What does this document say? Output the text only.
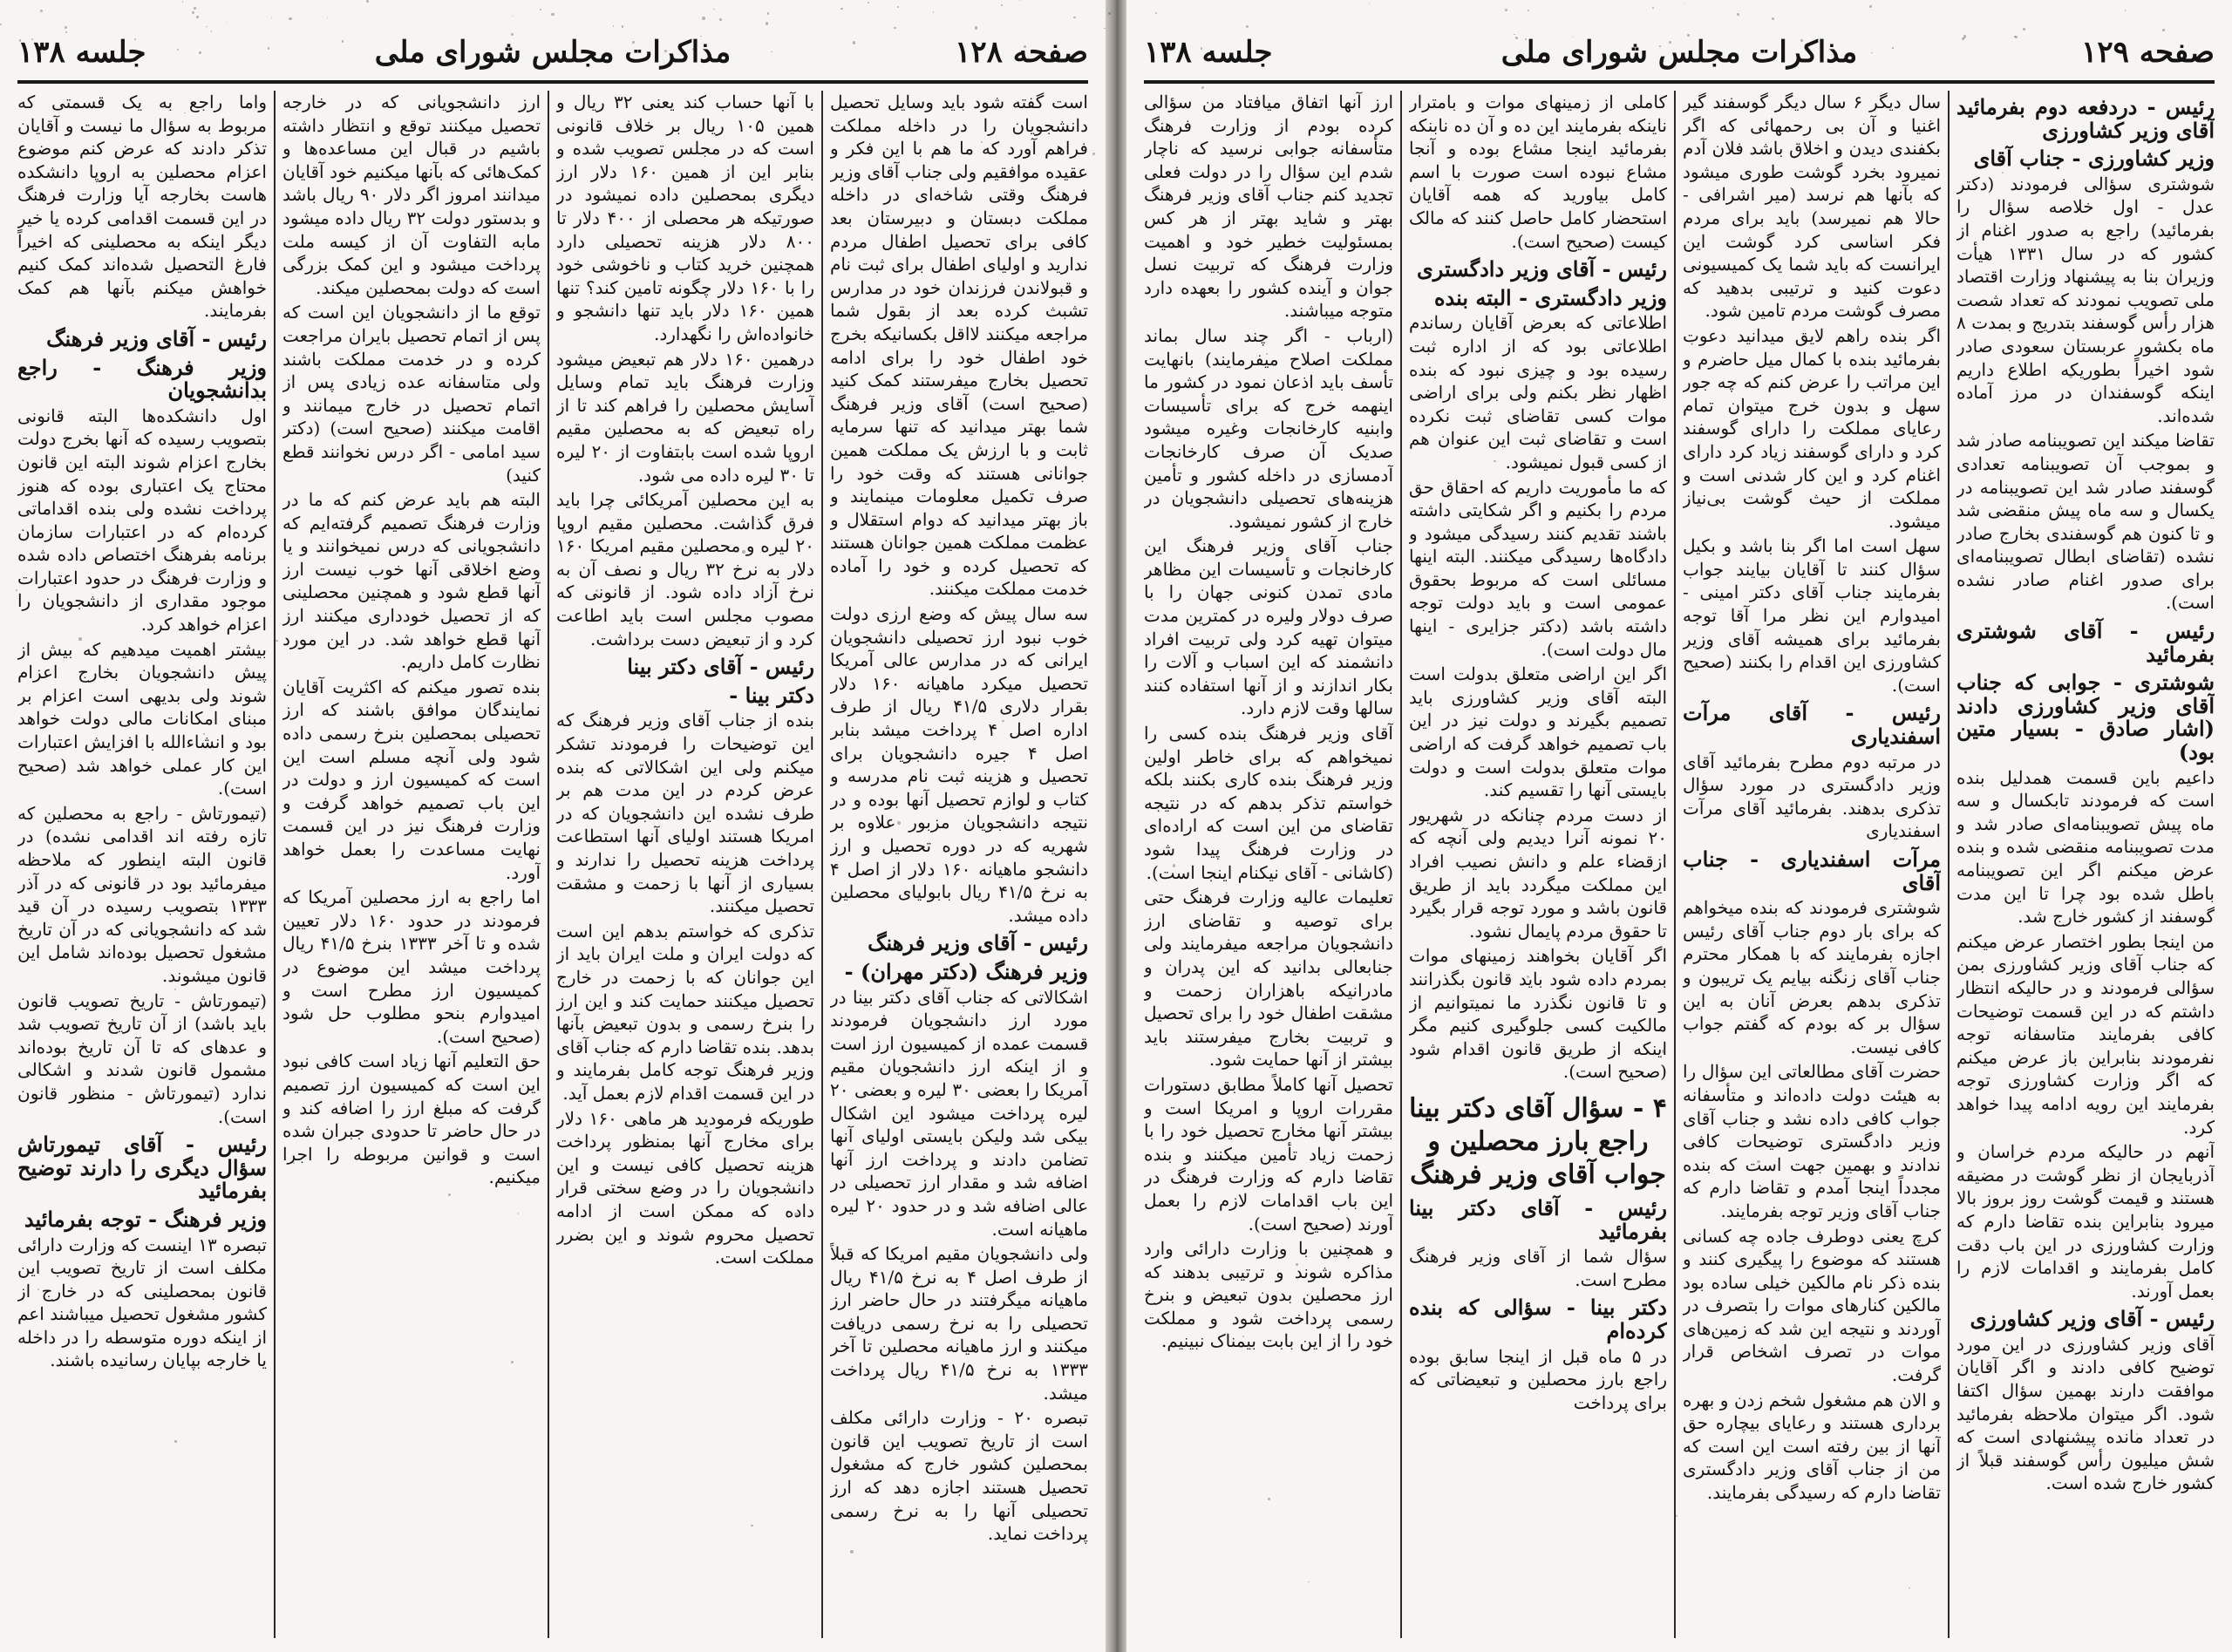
صفحه ۱۲۸
مذاکرات مجلس شورای ملی
جلسه ۱۳۸

است گفته شود باید وسایل تحصیل دانشجویان را در داخله مملکت فراهم آورد که ما هم با این فکر و عقیده موافقیم ولی جناب آقای وزیر فرهنگ وقتی شاخه‌ای در داخله مملکت دبستان و دبیرستان بعد کافی برای تحصیل اطفال مردم ندارید و اولیای اطفال برای ثبت نام و قبولاندن فرزندان خود در مدارس تشبث کرده بعد از بقول شما مراجعه میکنند لااقل بکسانیکه بخرج خود اطفال خود را برای ادامه تحصیل بخارج میفرستند کمک کنید (صحیح است) آقای وزیر فرهنگ شما بهتر میدانید که تنها سرمایه ثابت و با ارزش یک مملکت همین جوانانی هستند که وقت خود را صرف تکمیل معلومات مینمایند و باز بهتر میدانید که دوام استقلال و عظمت مملکت همین جوانان هستند که تحصیل کرده و خود را آماده خدمت مملکت میکنند.

سه سال پیش که وضع ارزی دولت خوب نبود ارز تحصیلی دانشجویان ایرانی که در مدارس عالی آمریکا تحصیل میکرد ماهیانه ۱۶۰ دلار بقرار دلاری ۴۱/۵ ریال از طرف اداره اصل ۴ پرداخت میشد بنابر اصل ۴ جیره دانشجویان برای تحصیل و هزینه ثبت نام مدرسه و کتاب و لوازم تحصیل آنها بوده و در نتیجه دانشجویان مزبور علاوه بر شهریه که در دوره تحصیل و ارز دانشجو ماهیانه ۱۶۰ دلار از اصل ۴ به نرخ ۴۱/۵ ریال بابولیای محصلین داده میشد.

رئیس - آقای وزیر فرهنگ

وزیر فرهنگ (دکتر مهران) -

اشکالاتی که جناب آقای دکتر بینا در مورد ارز دانشجویان فرمودند قسمت عمده از کمیسیون ارز است و از اینکه ارز دانشجویان مقیم آمریکا را بعضی ۳۰ لیره و بعضی ۲۰ لیره پرداخت میشود این اشکال بیکی شد ولیکن بایستی اولیای آنها تضامن دادند و پرداخت ارز آنها اضافه شد و مقدار ارز تحصیلی در عالی اضافه شد و در حدود ۲۰ لیره ماهیانه است.

ولی دانشجویان مقیم امریکا که قبلاً از طرف اصل ۴ به نرخ ۴۱/۵ ریال ماهیانه میگرفتند در حال حاضر ارز تحصیلی را به نرخ رسمی دریافت میکنند و ارز ماهیانه محصلین تا آخر ۱۳۳۳ به نرخ ۴۱/۵ ریال پرداخت میشد.

تبصره ۲۰ - وزارت دارائی مکلف است از تاریخ تصویب این قانون بمحصلین کشور خارج که مشغول تحصیل هستند اجازه دهد که ارز تحصیلی آنها را به نرخ رسمی پرداخت نماید.

با آنها حساب کند یعنی ۳۲ ریال و همین ۱۰۵ ریال بر خلاف قانونی است که در مجلس تصویب شده و بنابر این از همین ۱۶۰ دلار ارز دیگری بمحصلین داده نمیشود در صورتیکه هر محصلی از ۴۰۰ دلار تا ۸۰۰ دلار هزینه تحصیلی دارد همچنین خرید کتاب و ناخوشی خود را با ۱۶۰ دلار چگونه تامین کند؟ تنها همین ۱۶۰ دلار باید تنها دانشجو و خانواده‌اش را نگهدارد.

درهمین ۱۶۰ دلار هم تبعیض میشود وزارت فرهنگ باید تمام وسایل آسایش محصلین را فراهم کند تا از راه تبعیض که به محصلین مقیم اروپا شده است بابتفاوت از ۲۰ لیره تا ۳۰ لیره داده می شود.

به این محصلین آمریکائی چرا باید فرق گذاشت. محصلین مقیم اروپا ۲۰ لیره و محصلین مقیم امریکا ۱۶۰ دلار به نرخ ۳۲ ریال و نصف آن به نرخ آزاد داده شود. از قانونی که مصوب مجلس است باید اطاعت کرد و از تبعیض دست برداشت.

رئیس - آقای دکتر بینا

دکتر بینا -

بنده از جناب آقای وزیر فرهنگ که این توضیحات را فرمودند تشکر میکنم ولی این اشکالاتی که بنده عرض کردم در این مدت هم بر طرف نشده این دانشجویان که در امریکا هستند اولیای آنها استطاعت پرداخت هزینه تحصیل را ندارند و بسیاری از آنها با زحمت و مشقت تحصیل میکنند.

تذکری که خواستم بدهم این است که دولت ایران و ملت ایران باید از این جوانان که با زحمت در خارج تحصیل میکنند حمایت کند و این ارز را بنرخ رسمی و بدون تبعیض بآنها بدهد. بنده تقاضا دارم که جناب آقای وزیر فرهنگ توجه کامل بفرمایند و در این قسمت اقدام لازم بعمل آید.

طوریکه فرمودید هر ماهی ۱۶۰ دلار برای مخارج آنها بمنظور پرداخت هزینه تحصیل کافی نیست و این دانشجویان را در وضع سختی قرار داده که ممکن است از ادامه تحصیل محروم شوند و این بضرر مملکت است.

ارز دانشجویانی که در خارجه تحصیل میکنند توقع و انتظار داشته باشیم در قبال این مساعده‌ها و کمک‌هائی که بآنها میکنیم خود آقایان میدانند امروز اگر دلار ۹۰ ریال باشد و بدستور دولت ۳۲ ریال داده میشود مابه التفاوت آن از کیسه ملت پرداخت میشود و این کمک بزرگی است که دولت بمحصلین میکند.

توقع ما از دانشجویان این است که پس از اتمام تحصیل بایران مراجعت کرده و در خدمت مملکت باشند ولی متاسفانه عده زیادی پس از اتمام تحصیل در خارج میمانند و اقامت میکنند (صحیح است) (دکتر سید امامی - اگر درس نخوانند قطع کنید)

البته هم باید عرض کنم که ما در وزارت فرهنگ تصمیم گرفته‌ایم که دانشجویانی که درس نمیخوانند و یا وضع اخلاقی آنها خوب نیست ارز آنها قطع شود و همچنین محصلینی که از تحصیل خودداری میکنند ارز آنها قطع خواهد شد. در این مورد نظارت کامل داریم.

بنده تصور میکنم که اکثریت آقایان نمایندگان موافق باشند که ارز تحصیلی بمحصلین بنرخ رسمی داده شود ولی آنچه مسلم است این است که کمیسیون ارز و دولت در این باب تصمیم خواهد گرفت و وزارت فرهنگ نیز در این قسمت نهایت مساعدت را بعمل خواهد آورد.

اما راجع به ارز محصلین آمریکا که فرمودند در حدود ۱۶۰ دلار تعیین شده و تا آخر ۱۳۳۳ بنرخ ۴۱/۵ ریال پرداخت میشد این موضوع در کمیسیون ارز مطرح است و امیدوارم بنحو مطلوب حل شود (صحیح است).

حق التعلیم آنها زیاد است کافی نبود این است که کمیسیون ارز تصمیم گرفت که مبلغ ارز را اضافه کند و در حال حاضر تا حدودی جبران شده است و قوانین مربوطه را اجرا میکنیم.

واما راجع به یک قسمتی که مربوط به سؤال ما نیست و آقایان تذکر دادند که عرض کنم موضوع اعزام محصلین به اروپا دانشکده هاست بخارجه آیا وزارت فرهنگ در این قسمت اقدامی کرده یا خیر دیگر اینکه به محصلینی که اخیراً فارغ التحصیل شده‌اند کمک کنیم خواهش میکنم بآنها هم کمک بفرمایند.

رئیس - آقای وزیر فرهنگ

وزیر فرهنگ - راجع بدانشجویان

اول دانشکده‌ها البته قانونی بتصویب رسیده که آنها بخرج دولت بخارج اعزام شوند البته این قانون محتاج یک اعتباری بوده که هنوز پرداخت نشده ولی بنده اقداماتی کرده‌ام که در اعتبارات سازمان برنامه بفرهنگ اختصاص داده شده و وزارت فرهنگ در حدود اعتبارات موجود مقداری از دانشجویان را اعزام خواهد کرد.

بیشتر اهمیت میدهیم که بیش از پیش دانشجویان بخارج اعزام شوند ولی بدیهی است اعزام بر مبنای امکانات مالی دولت خواهد بود و انشاءالله با افزایش اعتبارات این کار عملی خواهد شد (صحیح است).

(تیمورتاش - راجع به محصلین که تازه رفته اند اقدامی نشده) در قانون البته اینطور که ملاحظه میفرمائید بود در قانونی که در آذر ۱۳۳۳ بتصویب رسیده در آن قید شد که دانشجویانی که در آن تاریخ مشغول تحصیل بوده‌اند شامل این قانون میشوند.

(تیمورتاش - تاریخ تصویب قانون باید باشد) از آن تاریخ تصویب شد و عدهای که تا آن تاریخ بوده‌اند مشمول قانون شدند و اشکالی ندارد (تیمورتاش - منظور قانون است).

رئیس - آقای تیمورتاش سؤال دیگری را دارند توضیح بفرمائید

وزیر فرهنگ - توجه بفرمائید

تبصره ۱۳ اینست که وزارت دارائی مکلف است از تاریخ تصویب این قانون بمحصلینی که در خارج از کشور مشغول تحصیل میباشند اعم از اینکه دوره متوسطه را در داخله یا خارجه بپایان رسانیده باشند.

صفحه ۱۲۹
مذاکرات مجلس شورای ملی
جلسه ۱۳۸

رئیس - دردفعه دوم بفرمائید آقای وزیر کشاورزی

وزیر کشاورزی - جناب آقای

شوشتری سؤالی فرمودند (دکتر عدل - اول خلاصه سؤال را بفرمائید) راجع به صدور اغنام از کشور که در سال ۱۳۳۱ هیأت وزیران بنا به پیشنهاد وزارت اقتصاد ملی تصویب نمودند که تعداد شصت هزار رأس گوسفند بتدریج و بمدت ۸ ماه بکشور عربستان سعودی صادر شود اخیراً بطوریکه اطلاع داریم اینکه گوسفندان در مرز آماده شده‌اند.

تقاضا میکند این تصویبنامه صادر شد و بموجب آن تصویبنامه تعدادی گوسفند صادر شد این تصویبنامه در یکسال و سه ماه پیش منقضی شد و تا کنون هم گوسفندی بخارج صادر نشده (تقاضای ابطال تصویبنامه‌ای برای صدور اغنام صادر نشده است).

رئیس - آقای شوشتری بفرمائید

شوشتری - جوابی که جناب آقای وزیر کشاورزی دادند (اشار صادق - بسیار متین بود)

داعیم باین قسمت همدلیل بنده است که فرمودند تابکسال و سه ماه پیش تصویبنامه‌ای صادر شد و مدت تصویبنامه منقضی شده و بنده عرض میکنم اگر این تصویبنامه باطل شده بود چرا تا این مدت گوسفند از کشور خارج شد.

من اینجا بطور اختصار عرض میکنم که جناب آقای وزیر کشاورزی بمن سؤالی فرمودند و در حالیکه انتظار داشتم که در این قسمت توضیحات کافی بفرمایند متاسفانه توجه نفرمودند بنابراین باز عرض میکنم که اگر وزارت کشاورزی توجه بفرمایند این رویه ادامه پیدا خواهد کرد.

آنهم در حالیکه مردم خراسان و آذربایجان از نظر گوشت در مضیقه هستند و قیمت گوشت روز بروز بالا میرود بنابراین بنده تقاضا دارم که وزارت کشاورزی در این باب دقت کامل بفرمایند و اقدامات لازم را بعمل آورند.

رئیس - آقای وزیر کشاورزی

آقای وزیر کشاورزی در این مورد توضیح کافی دادند و اگر آقایان موافقت دارند بهمین سؤال اکتفا شود. اگر میتوان ملاحظه بفرمائید در تعداد مانده پیشنهادی است که شش میلیون رأس گوسفند قبلاً از کشور خارج شده است.

سال دیگر ۶ سال دیگر گوسفند گیر اغنیا و آن بی رحمهائی که اگر بکفندی دیدن و اخلاق باشد فلان آدم نمیرود بخرد گوشت طوری میشود که بآنها هم نرسد (میر اشرافی - حالا هم نمیرسد) باید برای مردم فکر اساسی کرد گوشت این ایرانست که باید شما یک کمیسیونی دعوت کنید و ترتیبی بدهید که مصرف گوشت مردم تامین شود.

اگر بنده راهم لایق میدانید دعوت بفرمائید بنده با کمال میل حاضرم و این مراتب را عرض کنم که چه جور سهل و بدون خرج میتوان تمام رعایای مملکت را دارای گوسفند کرد و دارای گوسفند زیاد کرد دارای اغنام کرد و این کار شدنی است و مملکت از حیث گوشت بی‌نیاز میشود.

سهل است اما اگر بنا باشد و بکیل سؤال کنند تا آقایان بیایند جواب بفرمایند جناب آقای دکتر امینی - امیدوارم این نظر مرا آقا توجه بفرمائید برای همیشه آقای وزیر کشاورزی این اقدام را بکنند (صحیح است).

رئیس - آقای مرآت اسفندیاری

در مرتبه دوم مطرح بفرمائید آقای وزیر دادگستری در مورد سؤال تذکری بدهند. بفرمائید آقای مرآت اسفندیاری

مرآت اسفندیاری - جناب آقای

شوشتری فرمودند که بنده میخواهم که برای بار دوم جناب آقای رئیس اجازه بفرمایند که با همکار محترم جناب آقای زنگنه بیایم یک تریبون و تذکری بدهم بعرض آنان به این سؤال بر که بودم که گفتم جواب کافی نیست.

حضرت آقای مطالعاتی این سؤال را به هیئت دولت داده‌اند و متأسفانه جواب کافی داده نشد و جناب آقای وزیر دادگستری توضیحات کافی ندادند و بهمین جهت است که بنده مجدداً اینجا آمدم و تقاضا دارم که جناب آقای وزیر توجه بفرمایند.

کرچ یعنی دوطرف جاده چه کسانی هستند که موضوع را پیگیری کنند و بنده ذکر نام مالکین خیلی ساده بود مالکین کنارهای موات را بتصرف در آوردند و نتیجه این شد که زمین‌های موات در تصرف اشخاص قرار گرفت.

و الان هم مشغول شخم زدن و بهره برداری هستند و رعایای بیچاره حق آنها از بین رفته است این است که من از جناب آقای وزیر دادگستری تقاضا دارم که رسیدگی بفرمایند.

کاملی از زمینهای موات و بامترار ناینکه بفرمایند این ده و آن ده نابنکه بفرمائید اینجا مشاع بوده و آنجا مشاع نبوده است صورت با اسم کامل بیاورید که همه آقایان استحضار کامل حاصل کنند که مالک کیست (صحیح است).

رئیس - آقای وزیر دادگستری

وزیر دادگستری - البته بنده

اطلاعاتی که بعرض آقایان رساندم اطلاعاتی بود که از اداره ثبت رسیده بود و چیزی نبود که بنده اظهار نظر بکنم ولی برای اراضی موات کسی تقاضای ثبت نکرده است و تقاضای ثبت این عنوان هم از کسی قبول نمیشود.

که ما مأموریت داریم که احقاق حق مردم را بکنیم و اگر شکایتی داشته باشند تقدیم کنند رسیدگی میشود و دادگاه‌ها رسیدگی میکنند. البته اینها مسائلی است که مربوط بحقوق عمومی است و باید دولت توجه داشته باشد (دکتر جزایری - اینها مال دولت است).

اگر این اراضی متعلق بدولت است البته آقای وزیر کشاورزی باید تصمیم بگیرند و دولت نیز در این باب تصمیم خواهد گرفت که اراضی موات متعلق بدولت است و دولت بایستی آنها را تقسیم کند.

از دست مردم چنانکه در شهریور ۲۰ نمونه آنرا دیدیم ولی آنچه که ازقضاء علم و دانش نصیب افراد این مملکت میگردد باید از طریق قانون باشد و مورد توجه قرار بگیرد تا حقوق مردم پایمال نشود.

اگر آقایان بخواهند زمینهای موات بمردم داده شود باید قانون بگذرانند و تا قانون نگذرد ما نمیتوانیم از مالکیت کسی جلوگیری کنیم مگر اینکه از طریق قانون اقدام شود (صحیح است).

۴ - سؤال آقای دکتر بینا راجع بارز محصلین و جواب آقای وزیر فرهنگ

رئیس - آقای دکتر بینا بفرمائید

سؤال شما از آقای وزیر فرهنگ مطرح است.

دکتر بینا - سؤالی که بنده کرده‌ام

در ۵ ماه قبل از اینجا سابق بوده راجع بارز محصلین و تبعیضاتی که برای پرداخت

ارز آنها اتفاق میافتاد من سؤالی کرده بودم از وزارت فرهنگ متأسفانه جوابی نرسید که ناچار شدم این سؤال را در دولت فعلی تجدید کنم جناب آقای وزیر فرهنگ بهتر و شاید بهتر از هر کس بمسئولیت خطیر خود و اهمیت وزارت فرهنگ که تربیت نسل جوان و آینده کشور را بعهده دارد متوجه میباشند.

(ارباب - اگر چند سال بماند مملکت اصلاح میفرمایند) بانهایت تأسف باید اذعان نمود در کشور ما اینهمه خرج که برای تأسیسات وابنیه کارخانجات وغیره میشود صدیک آن صرف کارخانجات آدمسازی در داخله کشور و تأمین هزینه‌های تحصیلی دانشجویان در خارج از کشور نمیشود.

جناب آقای وزیر فرهنگ این کارخانجات و تأسیسات این مظاهر مادی تمدن کنونی جهان را با صرف دولار ولیره در کمترین مدت میتوان تهیه کرد ولی تربیت افراد دانشمند که این اسباب و آلات را بکار اندازند و از آنها استفاده کنند سالها وقت لازم دارد.

آقای وزیر فرهنگ بنده کسی را نمیخواهم که برای خاطر اولین وزیر فرهنگ بنده کاری بکنند بلکه خواستم تذکر بدهم که در نتیجه تقاضای من این است که اراده‌ای در وزارت فرهنگ پیدا شود (کاشانی - آقای نیکنام اینجا است).

تعلیمات عالیه وزارت فرهنگ حتی برای توصیه و تقاضای ارز دانشجویان مراجعه میفرمایند ولی جنابعالی بدانید که این پدران و مادرانیکه باهزاران زحمت و مشقت اطفال خود را برای تحصیل و تربیت بخارج میفرستند باید بیشتر از آنها حمایت شود.

تحصیل آنها کاملاً مطابق دستورات مقررات اروپا و امریکا است و بیشتر آنها مخارج تحصیل خود را با زحمت زیاد تأمین میکنند و بنده تقاضا دارم که وزارت فرهنگ در این باب اقدامات لازم را بعمل آورند (صحیح است).

و همچنین با وزارت دارائی وارد مذاکره شوند و ترتیبی بدهند که ارز محصلین بدون تبعیض و بنرخ رسمی پرداخت شود و مملکت خود را از این بابت بیمناک نبینیم.
